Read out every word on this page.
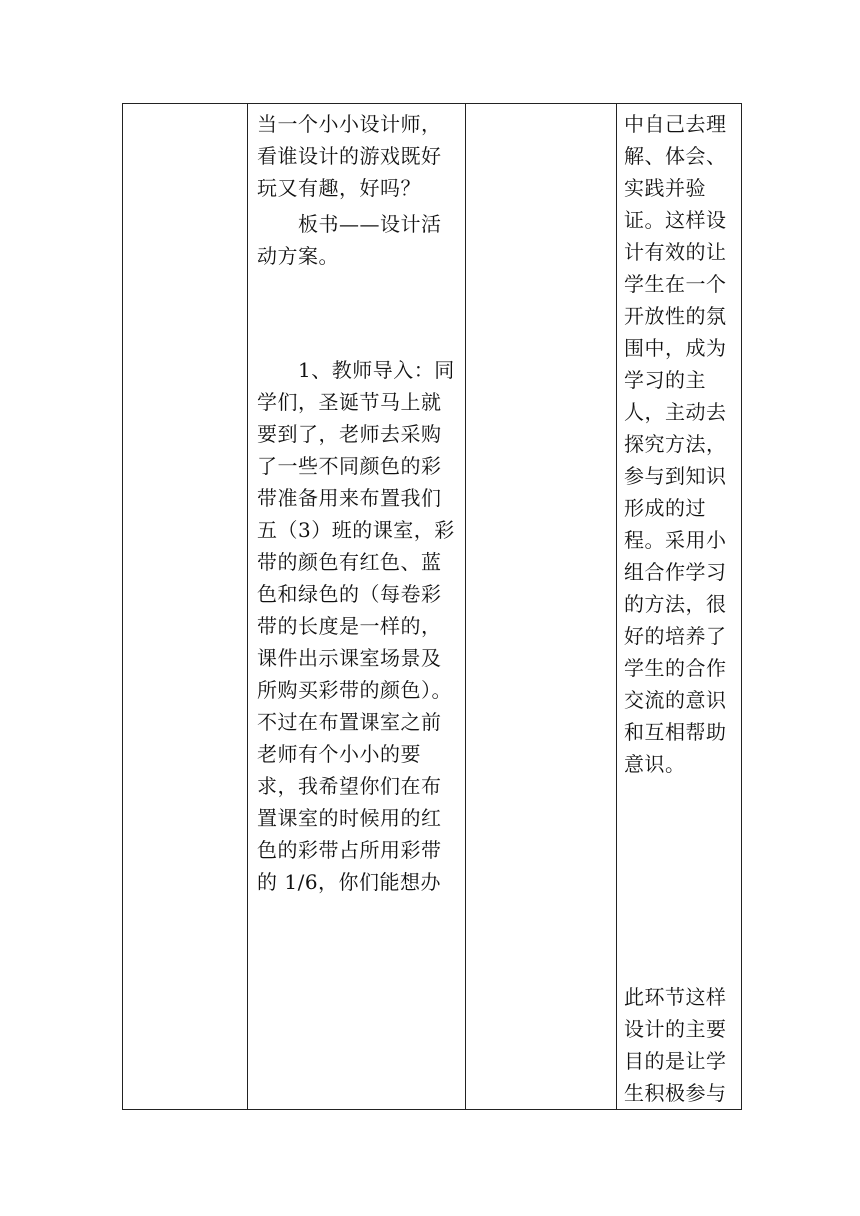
当一个小小设计师，
看谁设计的游戏既好
玩又有趣，好吗？
　　板书——设计活
动方案。
　　1、教师导入：同
学们，圣诞节马上就
要到了，老师去采购
了一些不同颜色的彩
带准备用来布置我们
五（3）班的课室，彩
带的颜色有红色、蓝
色和绿色的（每卷彩
带的长度是一样的，
课件出示课室场景及
所购买彩带的颜色）。
不过在布置课室之前
老师有个小小的要
求，我希望你们在布
置课室的时候用的红
色的彩带占所用彩带
的 1/6，你们能想办

中自己去理
解、体会、
实践并验
证。这样设
计有效的让
学生在一个
开放性的氛
围中，成为
学习的主
人，主动去
探究方法，
参与到知识
形成的过
程。采用小
组合作学习
的方法，很
好的培养了
学生的合作
交流的意识
和互相帮助
意识。
此环节这样
设计的主要
目的是让学
生积极参与
